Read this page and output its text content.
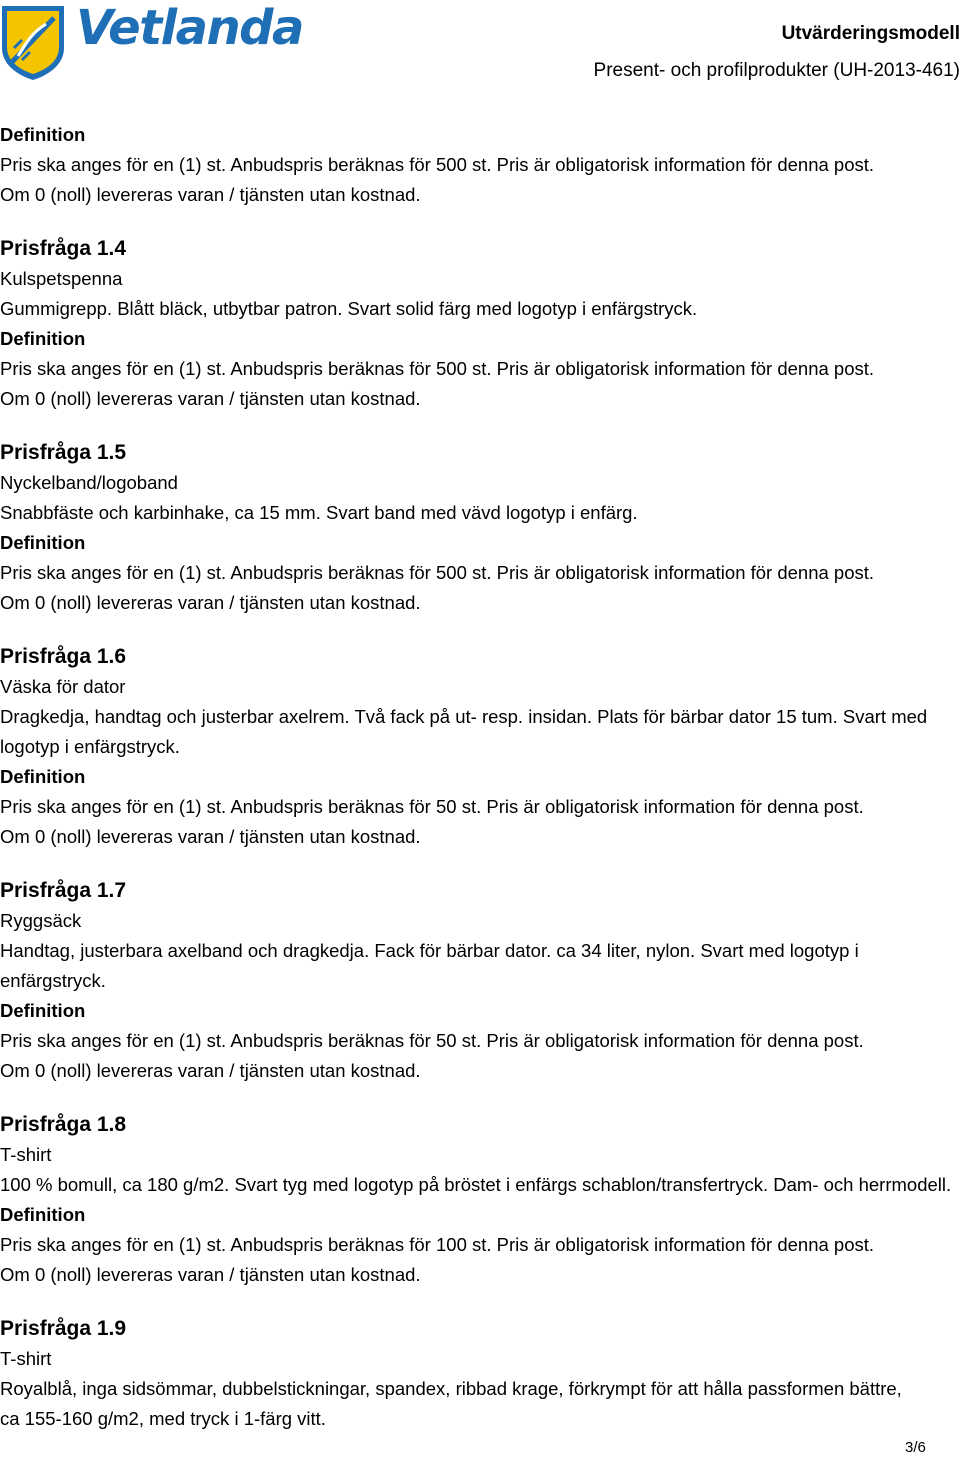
Vetlanda	Utvärderingsmodell
Present- och profilprodukter (UH-2013-461)
Definition
Pris ska anges för en (1) st. Anbudspris beräknas för 500 st. Pris är obligatorisk information för denna post.
Om 0 (noll) levereras varan / tjänsten utan kostnad.
Prisfråga 1.4
Kulspetspenna
Gummigrepp. Blått bläck, utbytbar patron. Svart solid färg med logotyp i enfärgstryck.
Definition
Pris ska anges för en (1) st. Anbudspris beräknas för 500 st. Pris är obligatorisk information för denna post.
Om 0 (noll) levereras varan / tjänsten utan kostnad.
Prisfråga 1.5
Nyckelband/logoband
Snabbfäste och karbinhake, ca 15 mm. Svart band med vävd logotyp i enfärg.
Definition
Pris ska anges för en (1) st. Anbudspris beräknas för 500 st. Pris är obligatorisk information för denna post.
Om 0 (noll) levereras varan / tjänsten utan kostnad.
Prisfråga 1.6
Väska för dator
Dragkedja, handtag och justerbar axelrem. Två fack på ut- resp. insidan. Plats för bärbar dator 15 tum. Svart med logotyp i enfärgstryck.
Definition
Pris ska anges för en (1) st. Anbudspris beräknas för 50 st. Pris är obligatorisk information för denna post.
Om 0 (noll) levereras varan / tjänsten utan kostnad.
Prisfråga 1.7
Ryggsäck
Handtag, justerbara axelband och dragkedja. Fack för bärbar dator. ca 34 liter, nylon. Svart med logotyp i enfärgstryck.
Definition
Pris ska anges för en (1) st. Anbudspris beräknas för 50 st. Pris är obligatorisk information för denna post.
Om 0 (noll) levereras varan / tjänsten utan kostnad.
Prisfråga 1.8
T-shirt
100 % bomull, ca 180 g/m2. Svart tyg med logotyp på bröstet i enfärgs schablon/transfertryck. Dam- och herrmodell.
Definition
Pris ska anges för en (1) st. Anbudspris beräknas för 100 st. Pris är obligatorisk information för denna post.
Om 0 (noll) levereras varan / tjänsten utan kostnad.
Prisfråga 1.9
T-shirt
Royalblå, inga sidsömmar, dubbelstickningar, spandex, ribbad krage, förkrympt för att hålla passformen bättre, ca 155-160 g/m2, med tryck i 1-färg vitt.
3/6
